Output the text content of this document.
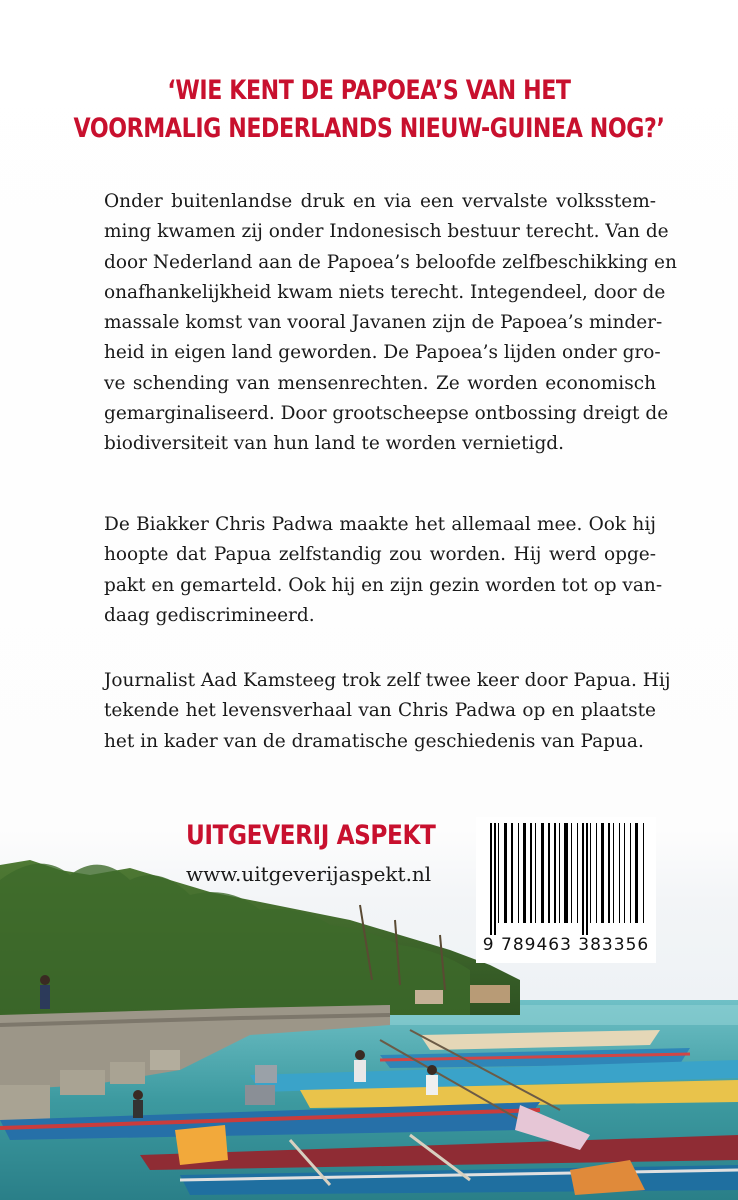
‘WIE KENT DE PAPOEA’S VAN HET
VOORMALIG NEDERLANDS NIEUW-GUINEA NOG?’
Onder buitenlandse druk en via een vervalste volksstem-
ming kwamen zij onder Indonesisch bestuur terecht. Van de
door Nederland aan de Papoea’s beloofde zelfbeschikking en
onafhankelijkheid kwam niets terecht. Integendeel, door de
massale komst van vooral Javanen zijn de Papoea’s minder-
heid in eigen land geworden. De Papoea’s lijden onder gro-
ve schending van mensenrechten. Ze worden economisch
gemarginaliseerd. Door grootscheepse ontbossing dreigt de
biodiversiteit van hun land te worden vernietigd.
De Biakker Chris Padwa maakte het allemaal mee. Ook hij
hoopte dat Papua zelfstandig zou worden. Hij werd opge-
pakt en gemarteld. Ook hij en zijn gezin worden tot op van-
daag gediscrimineerd.
Journalist Aad Kamsteeg trok zelf twee keer door Papua. Hij
tekende het levensverhaal van Chris Padwa op en plaatste
het in kader van de dramatische geschiedenis van Papua.
UITGEVERIJ ASPEKT
www.uitgeverijaspekt.nl
9 789463 383356
